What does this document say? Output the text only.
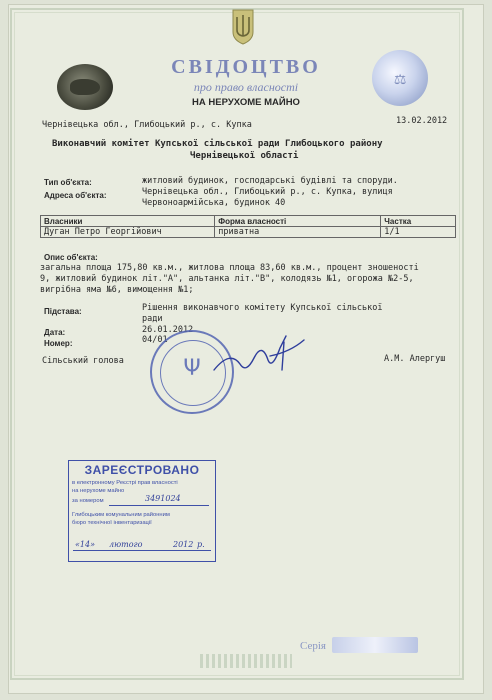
СВІДОЦТВО
про право власності
НА НЕРУХОМЕ МАЙНО
⚖
Чернівецька обл., Глибоцький р., с. Купка	13.02.2012
Виконавчий комітет Купської сільської ради Глибоцького району
Чернівецької області
Тип об'єкта:	житловий будинок, господарські будівлі та споруди.
Адреса об'єкта:	Чернівецька обл., Глибоцький р., с. Купка, вулиця
Червоноармійська, будинок 40
Власники	Форма власності	Частка
Дуган Петро Георгійович	приватна	1/1
Опис об'єкта:
загальна площа 175,80 кв.м., житлова площа 83,60 кв.м., процент зношеності
9, житловий будинок літ."А", альтанка літ."В", колодязь №1, огорожа №2-5,
вигрібна яма №6, вимощення №1;
Підстава:	Рішення виконавчого комітету Купської сільської
ради
Дата:	26.01.2012
Номер:	04/01
Сільський голова	А.М. Алергуш
Ψ
ЗАРЕЄСТРОВАНО
в електронному Реєстрі прав власності
на нерухоме майно
за номером	3491024
Глибоцьким комунальним районним
бюро технічної інвентаризації
«14» лютого	2012 р.
Серія
